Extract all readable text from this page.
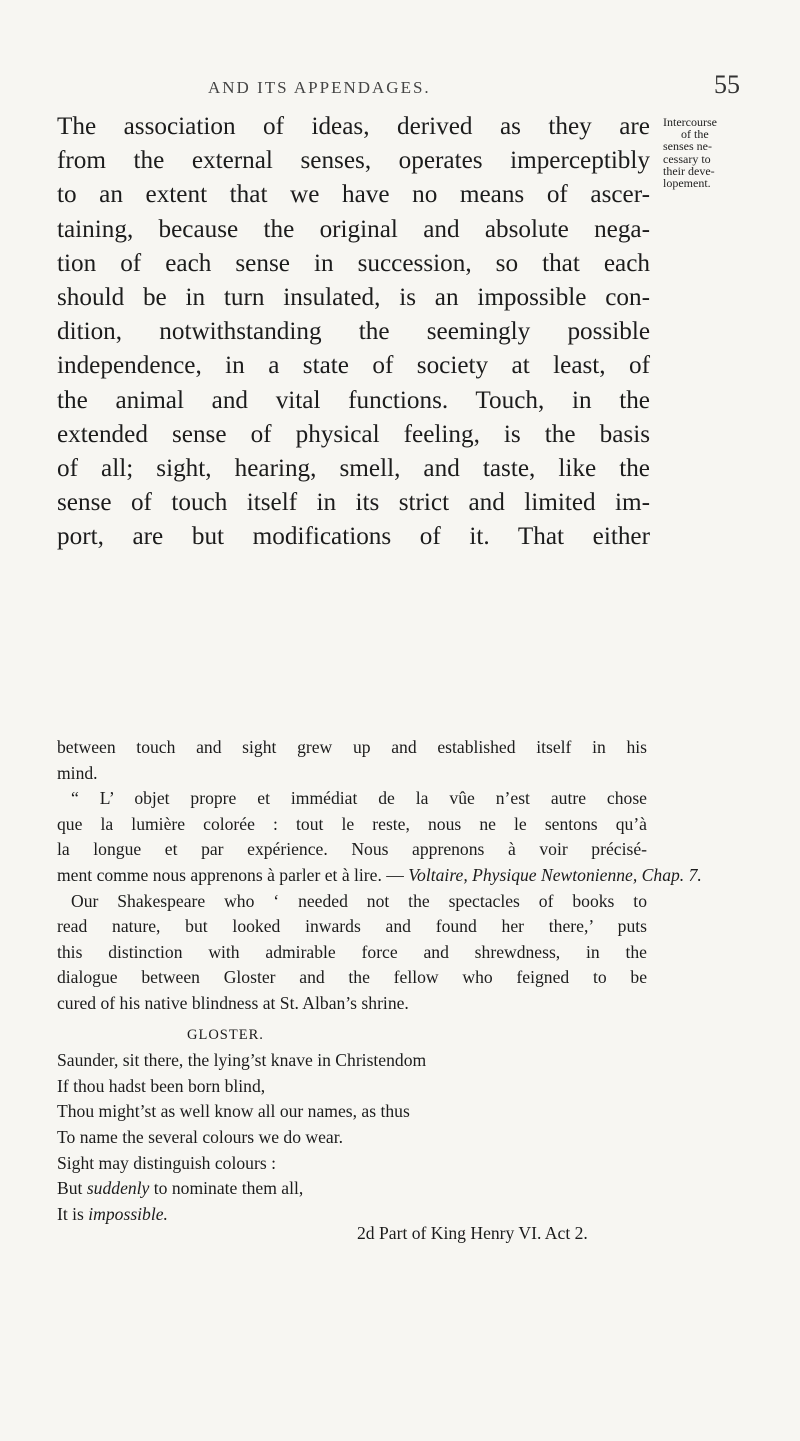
AND ITS APPENDAGES.	55
The association of ideas, derived as they are
from the external senses, operates imperceptibly
to an extent that we have no means of ascer-
taining, because the original and absolute nega-
tion of each sense in succession, so that each
should be in turn insulated, is an impossible con-
dition, notwithstanding the seemingly possible
independence, in a state of society at least, of
the animal and vital functions. Touch, in the
extended sense of physical feeling, is the basis
of all; sight, hearing, smell, and taste, like the
sense of touch itself in its strict and limited im-
port, are but modifications of it. That either
Intercourse
of the
senses ne-
cessary to
their deve-
lopement.
between touch and sight grew up and established itself in his
mind.
“ L’ objet propre et immédiat de la vûe n’est autre chose
que la lumière colorée : tout le reste, nous ne le sentons qu’à
la longue et par expérience. Nous apprenons à voir précisé-
ment comme nous apprenons à parler et à lire. — Voltaire, Physique Newtonienne, Chap. 7.
Our Shakespeare who ‘ needed not the spectacles of books to
read nature, but looked inwards and found her there,’ puts
this distinction with admirable force and shrewdness, in the
dialogue between Gloster and the fellow who feigned to be
cured of his native blindness at St. Alban’s shrine.
GLOSTER.
Saunder, sit there, the lying’st knave in Christendom
If thou hadst been born blind,
Thou might’st as well know all our names, as thus
To name the several colours we do wear.
Sight may distinguish colours :
But suddenly to nominate them all,
It is impossible.
2d Part of King Henry VI. Act 2.
